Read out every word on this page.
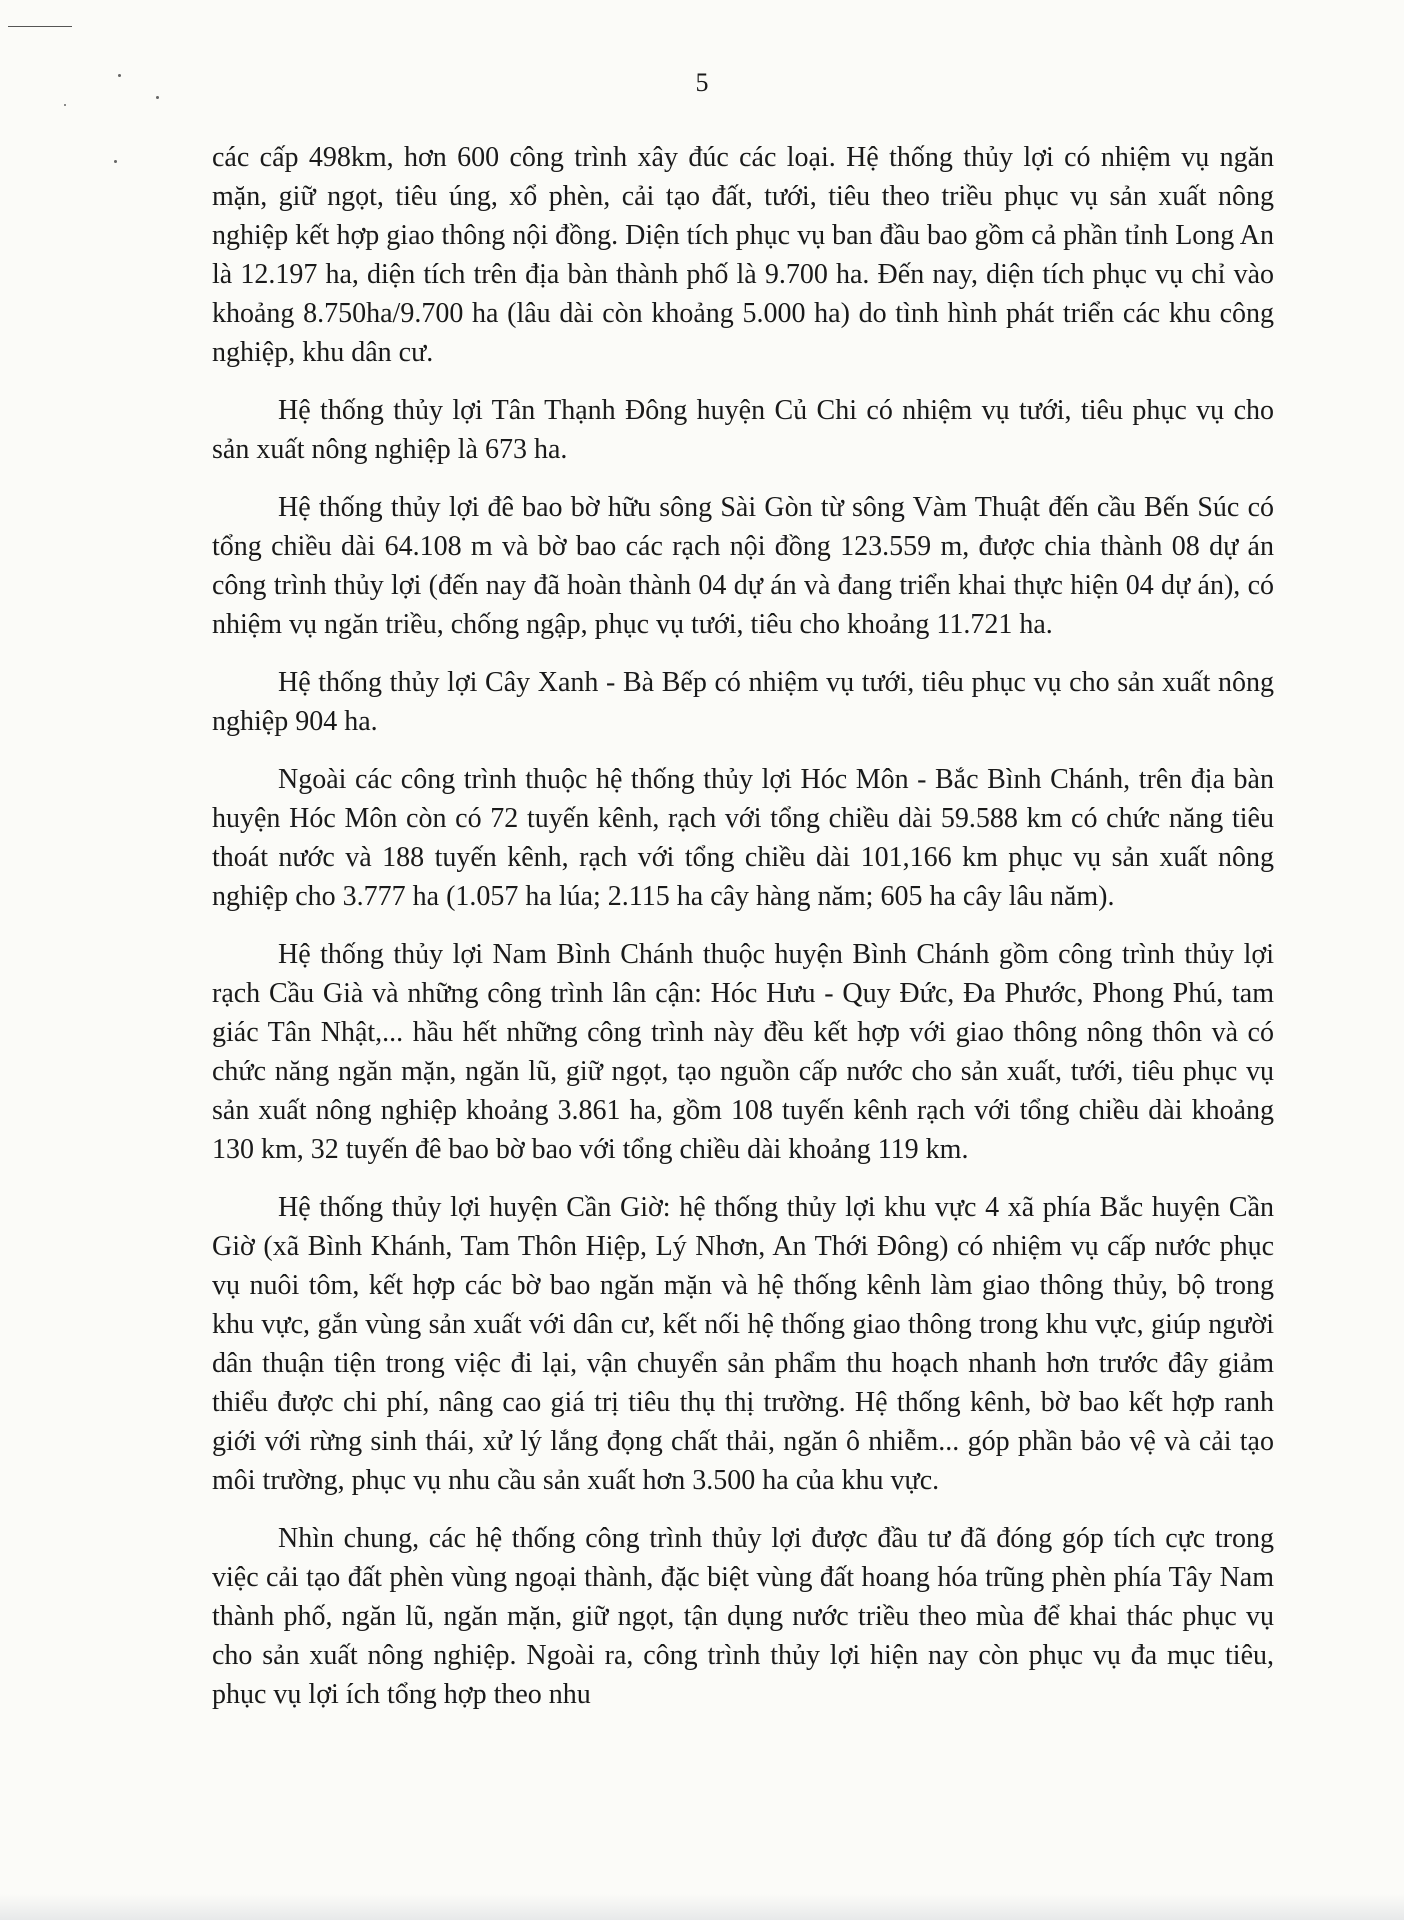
5

các cấp 498km, hơn 600 công trình xây đúc các loại. Hệ thống thủy lợi có nhiệm vụ ngăn mặn, giữ ngọt, tiêu úng, xổ phèn, cải tạo đất, tưới, tiêu theo triều phục vụ sản xuất nông nghiệp kết hợp giao thông nội đồng. Diện tích phục vụ ban đầu bao gồm cả phần tỉnh Long An là 12.197 ha, diện tích trên địa bàn thành phố là 9.700 ha. Đến nay, diện tích phục vụ chỉ vào khoảng 8.750ha/9.700 ha (lâu dài còn khoảng 5.000 ha) do tình hình phát triển các khu công nghiệp, khu dân cư.

Hệ thống thủy lợi Tân Thạnh Đông huyện Củ Chi có nhiệm vụ tưới, tiêu phục vụ cho sản xuất nông nghiệp là 673 ha.

Hệ thống thủy lợi đê bao bờ hữu sông Sài Gòn từ sông Vàm Thuật đến cầu Bến Súc có tổng chiều dài 64.108 m và bờ bao các rạch nội đồng 123.559 m, được chia thành 08 dự án công trình thủy lợi (đến nay đã hoàn thành 04 dự án và đang triển khai thực hiện 04 dự án), có nhiệm vụ ngăn triều, chống ngập, phục vụ tưới, tiêu cho khoảng 11.721 ha.

Hệ thống thủy lợi Cây Xanh - Bà Bếp có nhiệm vụ tưới, tiêu phục vụ cho sản xuất nông nghiệp 904 ha.

Ngoài các công trình thuộc hệ thống thủy lợi Hóc Môn - Bắc Bình Chánh, trên địa bàn huyện Hóc Môn còn có 72 tuyến kênh, rạch với tổng chiều dài 59.588 km có chức năng tiêu thoát nước và 188 tuyến kênh, rạch với tổng chiều dài 101,166 km phục vụ sản xuất nông nghiệp cho 3.777 ha (1.057 ha lúa; 2.115 ha cây hàng năm; 605 ha cây lâu năm).

Hệ thống thủy lợi Nam Bình Chánh thuộc huyện Bình Chánh gồm công trình thủy lợi rạch Cầu Già và những công trình lân cận: Hóc Hưu - Quy Đức, Đa Phước, Phong Phú, tam giác Tân Nhật,... hầu hết những công trình này đều kết hợp với giao thông nông thôn và có chức năng ngăn mặn, ngăn lũ, giữ ngọt, tạo nguồn cấp nước cho sản xuất, tưới, tiêu phục vụ sản xuất nông nghiệp khoảng 3.861 ha, gồm 108 tuyến kênh rạch với tổng chiều dài khoảng 130 km, 32 tuyến đê bao bờ bao với tổng chiều dài khoảng 119 km.

Hệ thống thủy lợi huyện Cần Giờ: hệ thống thủy lợi khu vực 4 xã phía Bắc huyện Cần Giờ (xã Bình Khánh, Tam Thôn Hiệp, Lý Nhơn, An Thới Đông) có nhiệm vụ cấp nước phục vụ nuôi tôm, kết hợp các bờ bao ngăn mặn và hệ thống kênh làm giao thông thủy, bộ trong khu vực, gắn vùng sản xuất với dân cư, kết nối hệ thống giao thông trong khu vực, giúp người dân thuận tiện trong việc đi lại, vận chuyển sản phẩm thu hoạch nhanh hơn trước đây giảm thiểu được chi phí, nâng cao giá trị tiêu thụ thị trường. Hệ thống kênh, bờ bao kết hợp ranh giới với rừng sinh thái, xử lý lắng đọng chất thải, ngăn ô nhiễm... góp phần bảo vệ và cải tạo môi trường, phục vụ nhu cầu sản xuất hơn 3.500 ha của khu vực.

Nhìn chung, các hệ thống công trình thủy lợi được đầu tư đã đóng góp tích cực trong việc cải tạo đất phèn vùng ngoại thành, đặc biệt vùng đất hoang hóa trũng phèn phía Tây Nam thành phố, ngăn lũ, ngăn mặn, giữ ngọt, tận dụng nước triều theo mùa để khai thác phục vụ cho sản xuất nông nghiệp. Ngoài ra, công trình thủy lợi hiện nay còn phục vụ đa mục tiêu, phục vụ lợi ích tổng hợp theo nhu
